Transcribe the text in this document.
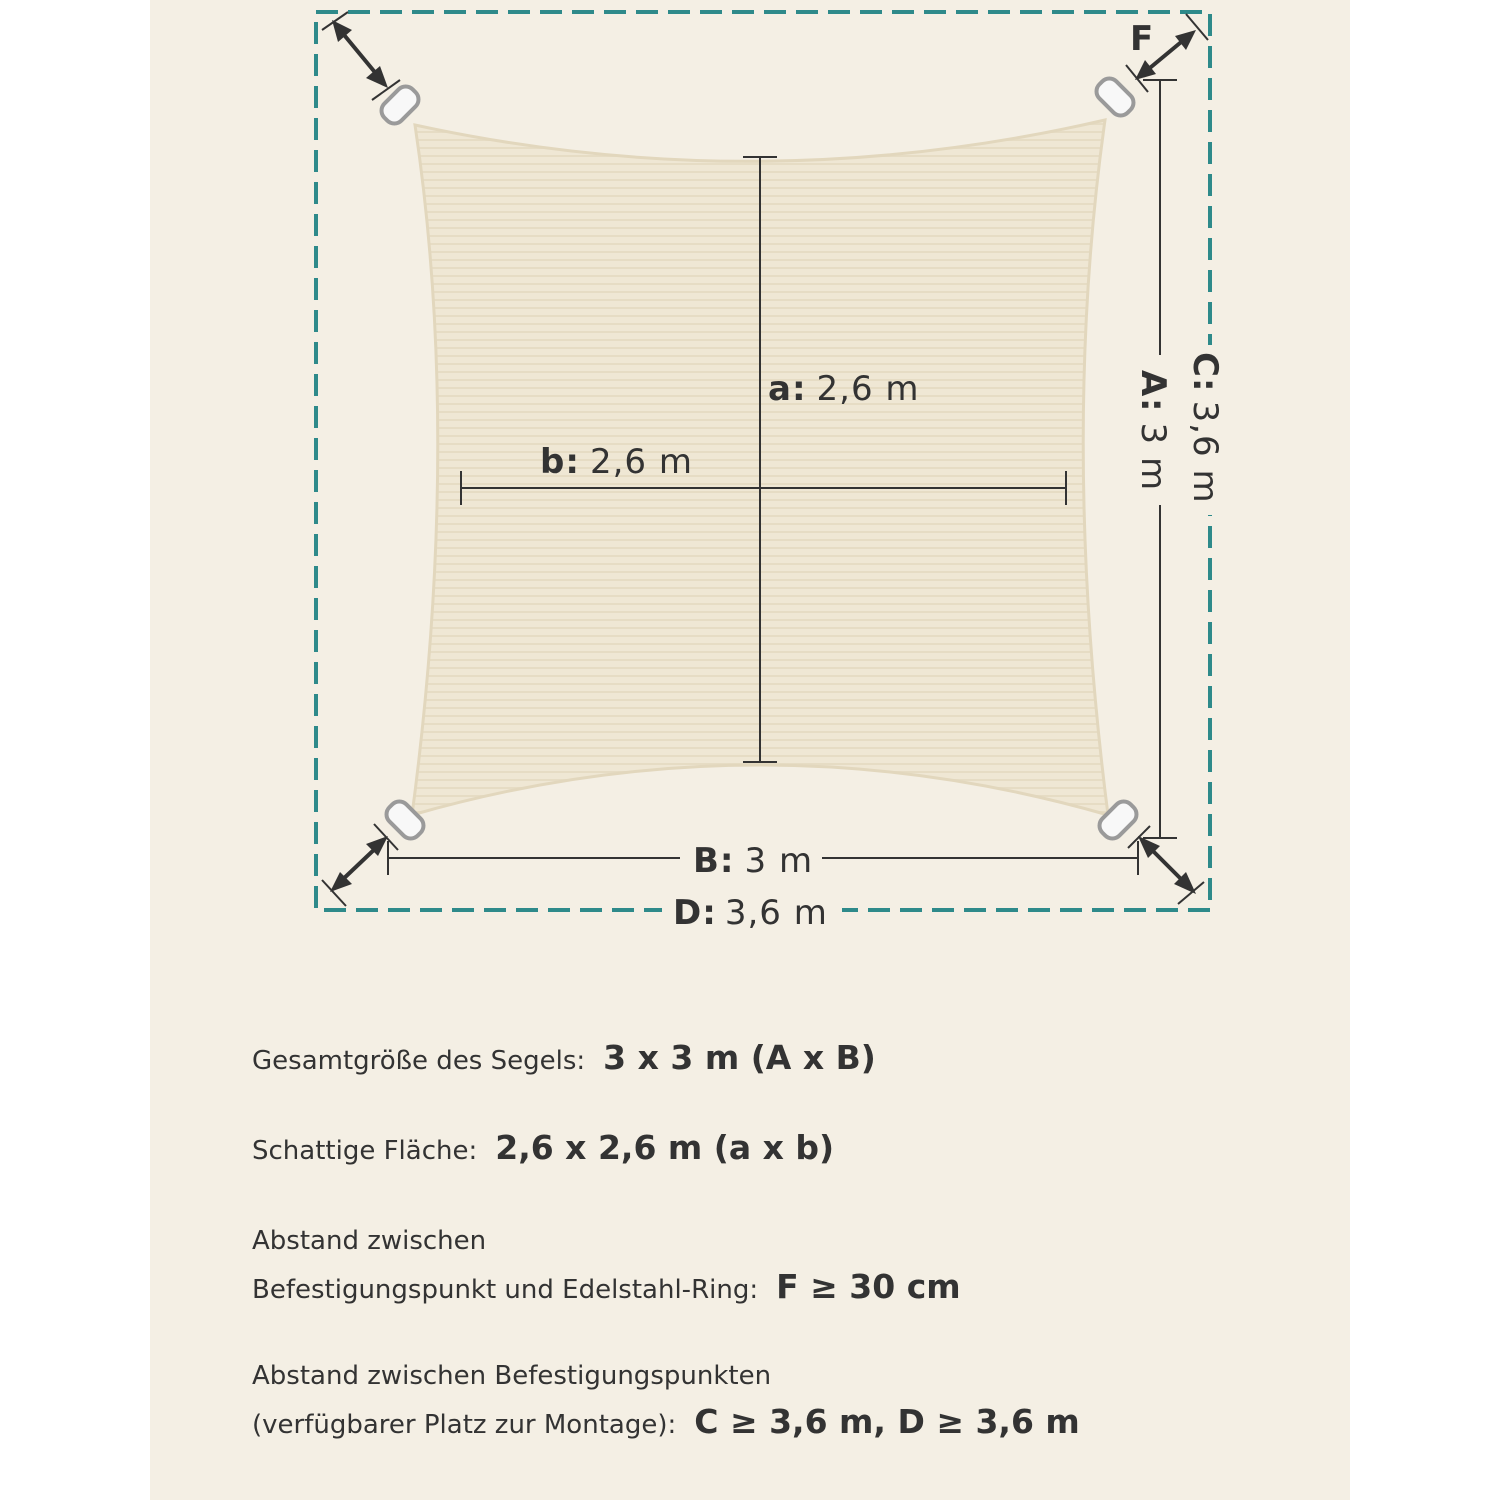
a: 2,6 m
b: 2,6 m
A:3 m
C:3,6 m
B: 3 m
D: 3,6 m
F
Gesamtgröße des Segels: 3 x 3 m (A x B)
Schattige Fläche: 2,6 x 2,6 m (a x b)
Abstand zwischen
Befestigungspunkt und Edelstahl-Ring: F ≥ 30 cm
Abstand zwischen Befestigungspunkten
(verfügbarer Platz zur Montage): C ≥ 3,6 m, D ≥ 3,6 m
